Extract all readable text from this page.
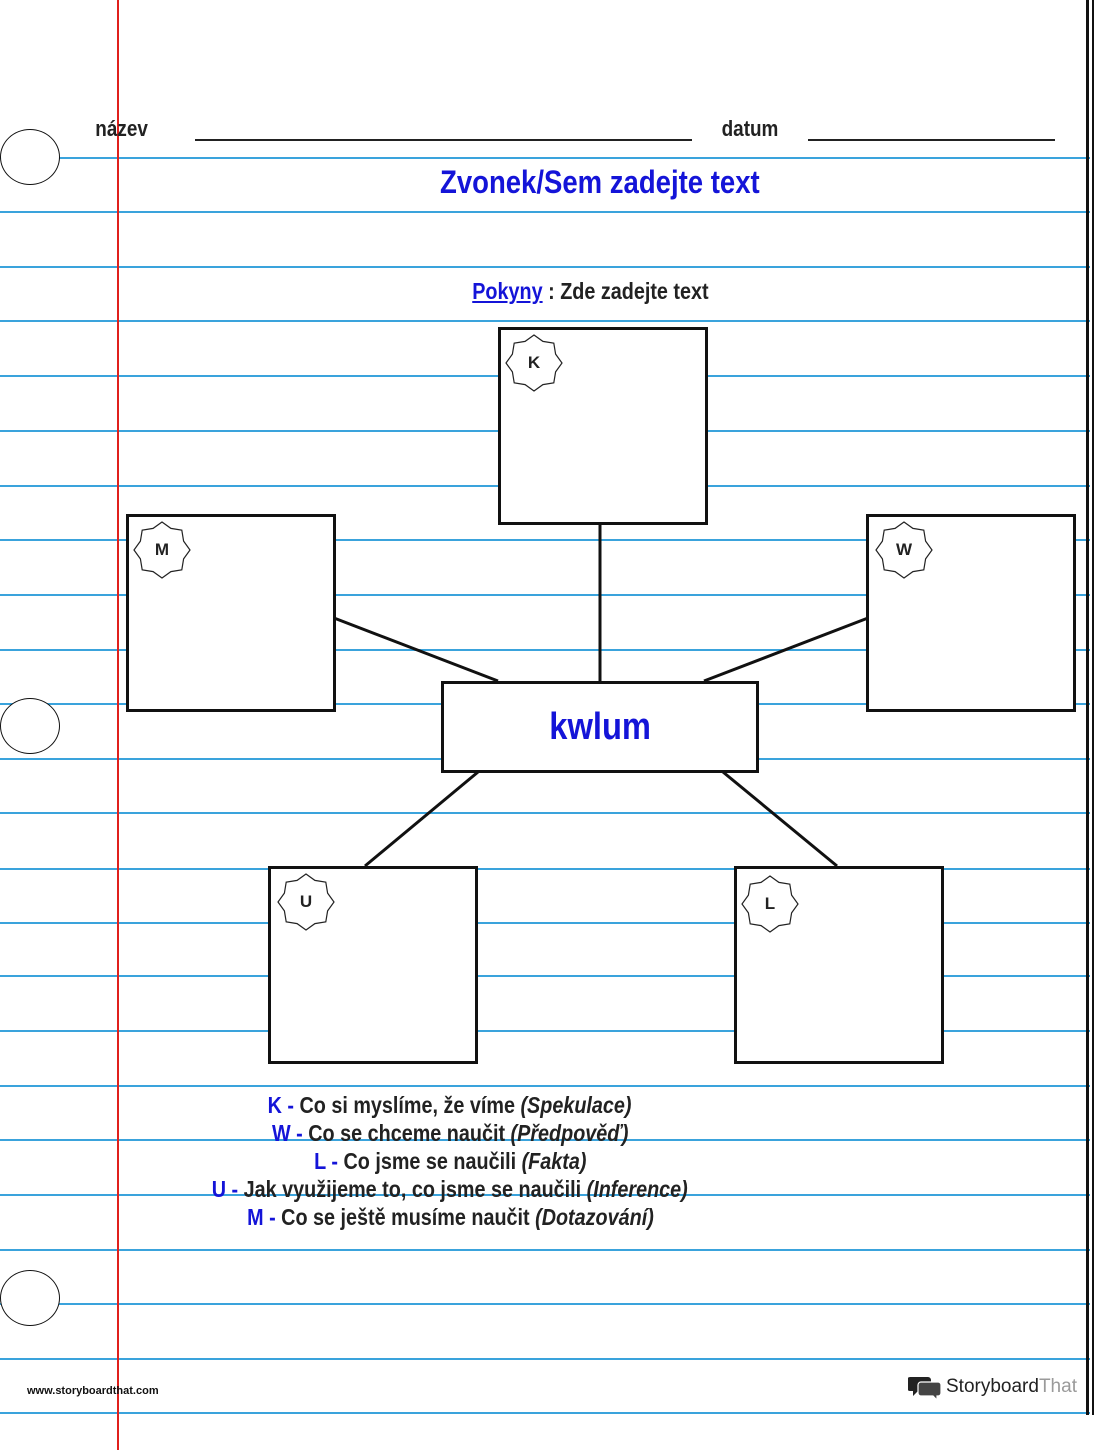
název	datum
Zvonek/Sem zadejte text
Pokyny : Zde zadejte text
K
M	W
U	L
kwlum
K - Co si myslíme, že víme (Spekulace)
W - Co se chceme naučit (Předpověď)
L - Co jsme se naučili (Fakta)
U - Jak využijeme to, co jsme se naučili (Inference)
M - Co se ještě musíme naučit (Dotazování)
www.storyboardthat.com	StoryboardThat
